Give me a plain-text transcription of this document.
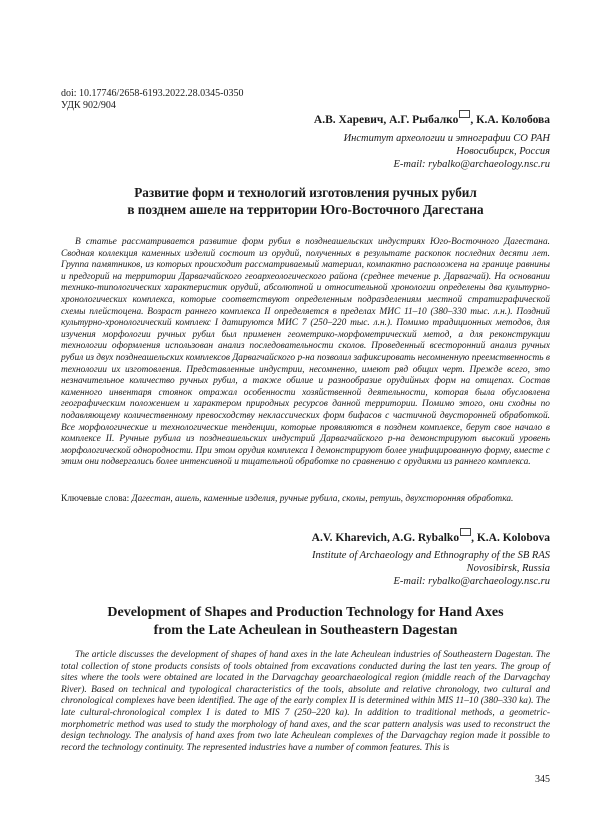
doi: 10.17746/2658-6193.2022.28.0345-0350
УДК 902/904
А.В. Харевич, А.Г. Рыбалко , К.А. Колобова
Институт археологии и этнографии СО РАН
Новосибирск, Россия
E-mail: rybalko@archaeology.nsc.ru
Развитие форм и технологий изготовления ручных рубил
в позднем ашеле на территории Юго-Восточного Дагестана

В статье рассматривается развитие форм рубил в позднеашельских индустриях Юго-Восточного Дагестана. Сводная коллекция каменных изделий состоит из орудий, полученных в результате раскопок последних десяти лет. Группа памятников, из которых происходит рассматриваемый материал, компактно расположена на границе равнины и предгорий на территории Дарвагчайского геоархеологического района (среднее течение р. Дарвагчай). На основании технико-типологических характеристик орудий, абсолютной и относительной хронологии определены два культурно-хронологических комплекса, которые соответствуют определенным подразделениям местной стратиграфической схемы плейстоцена. Возраст раннего комплекса II определяется в пределах МИС 11–10 (380–330 тыс. л.н.). Поздний культурно-хронологический комплекс I датируются МИС 7 (250–220 тыс. л.н.). Помимо традиционных методов, для изучения морфологии ручных рубил был применен геометрико-морфометрический метод, а для реконструкции технологии оформления использован анализ последовательности сколов. Проведенный всесторонний анализ ручных рубил из двух позднеашельских комплексов Дарвагчайского р-на позволил зафиксировать несомненную преемственность в технологии их изготовления. Представленные индустрии, несомненно, имеют ряд общих черт. Прежде всего, это незначительное количество ручных рубил, а также обилие и разнообразие орудийных форм на отщепах. Состав каменного инвентаря стоянок отражал особенности хозяйственной деятельности, которая была обусловлена географическим положением и характером природных ресурсов данной территории. Помимо этого, они сходны по подавляющему количественному превосходству неклассических форм бифасов с частичной двусторонней обработкой. Все морфологические и технологические тенденции, которые проявляются в позднем комплексе, берут свое начало в комплексе II. Ручные рубила из позднеашельских индустрий Дарвагчайского р-на демонстрируют высокий уровень морфологической однородности. При этом орудия комплекса I демонстрируют более унифицированную форму, вместе с этим они подвергались более интенсивной и тщательной обработке по сравнению с орудиями из раннего комплекса.

Ключевые слова: Дагестан, ашель, каменные изделия, ручные рубила, сколы, ретушь, двухсторонняя обработка.
A.V. Kharevich, A.G. Rybalko , K.A. Kolobova
Institute of Archaeology and Ethnography of the SB RAS
Novosibirsk, Russia
E-mail: rybalko@archaeology.nsc.ru
Development of Shapes and Production Technology for Hand Axes
from the Late Acheulean in Southeastern Dagestan

The article discusses the development of shapes of hand axes in the late Acheulean industries of Southeastern Dagestan. The total collection of stone products consists of tools obtained from excavations conducted during the last ten years. The group of sites where the tools were obtained are located in the Darvagchay geoarchaeological region (middle reach of the Darvagchay River). Based on technical and typological characteristics of the tools, absolute and relative chronology, two cultural and chronological complexes have been identified. The age of the early complex II is determined within MIS 11–10 (380–330 ka). The late cultural-chronological complex I is dated to MIS 7 (250–220 ka). In addition to traditional methods, a geometric-morphometric method was used to study the morphology of hand axes, and the scar pattern analysis was used to reconstruct the design technology. The analysis of hand axes from two late Acheulean complexes of the Darvagchay region made it possible to record the technology continuity. The represented industries have a number of common features. This is

345
